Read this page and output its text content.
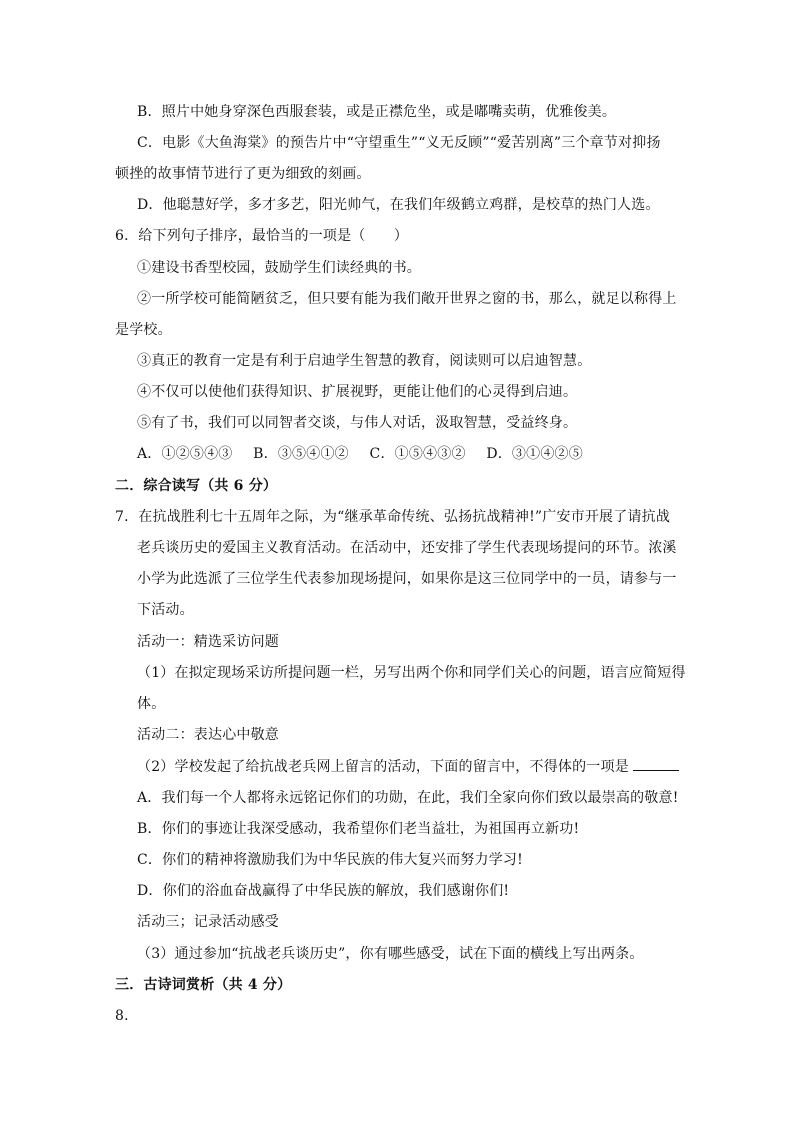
B．照片中她身穿深色西服套装，或是正襟危坐，或是嘟嘴卖萌，优雅俊美。
C．电影《大鱼海棠》的预告片中“守望重生”“义无反顾”“爱苦别离”三个章节对抑扬
顿挫的故事情节进行了更为细致的刻画。
D．他聪慧好学，多才多艺，阳光帅气，在我们年级鹤立鸡群，是校草的热门人选。
6．给下列句子排序，最恰当的一项是（　　）
①建设书香型校园，鼓励学生们读经典的书。
②一所学校可能简陋贫乏，但只要有能为我们敞开世界之窗的书，那么，就足以称得上
是学校。
③真正的教育一定是有利于启迪学生智慧的教育，阅读则可以启迪智慧。
④不仅可以使他们获得知识、扩展视野，更能让他们的心灵得到启迪。
⑤有了书，我们可以同智者交谈，与伟人对话，汲取智慧，受益终身。
A．①②⑤④③ B．③⑤④①② C．①⑤④③② D．③①④②⑤
二．综合读写（共 6 分）
7．在抗战胜利七十五周年之际，为“继承革命传统、弘扬抗战精神!”广安市开展了请抗战
老兵谈历史的爱国主义教育活动。在活动中，还安排了学生代表现场提问的环节。浓溪
小学为此选派了三位学生代表参加现场提问，如果你是这三位同学中的一员，请参与一
下活动。
活动一：精选采访问题
（1）在拟定现场采访所提问题一栏，另写出两个你和同学们关心的问题，语言应简短得
体。
活动二：表达心中敬意
（2）学校发起了给抗战老兵网上留言的活动，下面的留言中，不得体的一项是
A．我们每一个人都将永远铭记你们的功勋，在此，我们全家向你们致以最崇高的敬意!
B．你们的事迹让我深受感动，我希望你们老当益壮，为祖国再立新功!
C．你们的精神将激励我们为中华民族的伟大复兴而努力学习!
D．你们的浴血奋战赢得了中华民族的解放，我们感谢你们!
活动三；记录活动感受
（3）通过参加“抗战老兵谈历史”，你有哪些感受，试在下面的横线上写出两条。
三．古诗词赏析（共 4 分）
8．
